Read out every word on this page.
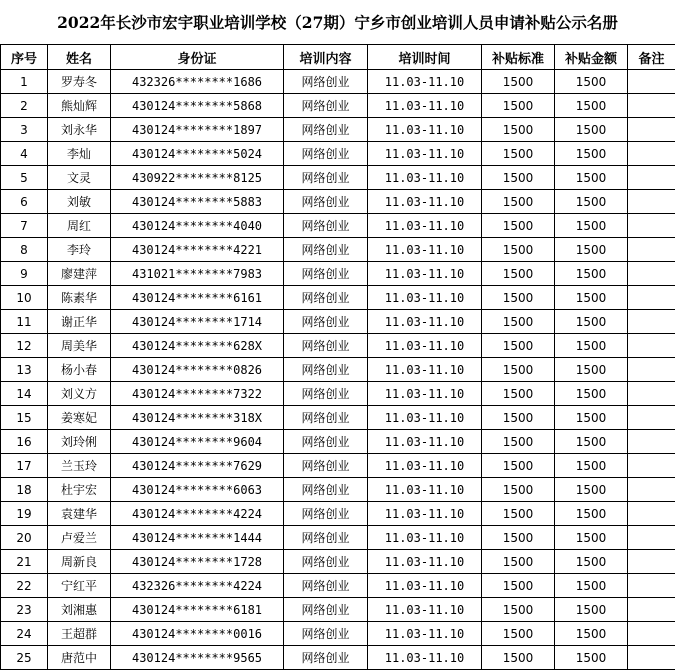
2022年长沙市宏宇职业培训学校（27期）宁乡市创业培训人员申请补贴公示名册
序号	姓名	身份证	培训内容	培训时间	补贴标准	补贴金额	备注
1	罗寿冬	432326********1686	网络创业	11.03-11.10	1500	1500	
2	熊灿辉	430124********5868	网络创业	11.03-11.10	1500	1500	
3	刘永华	430124********1897	网络创业	11.03-11.10	1500	1500	
4	李灿	430124********5024	网络创业	11.03-11.10	1500	1500	
5	文灵	430922********8125	网络创业	11.03-11.10	1500	1500	
6	刘敏	430124********5883	网络创业	11.03-11.10	1500	1500	
7	周红	430124********4040	网络创业	11.03-11.10	1500	1500	
8	李玲	430124********4221	网络创业	11.03-11.10	1500	1500	
9	廖建萍	431021********7983	网络创业	11.03-11.10	1500	1500	
10	陈素华	430124********6161	网络创业	11.03-11.10	1500	1500	
11	谢正华	430124********1714	网络创业	11.03-11.10	1500	1500	
12	周美华	430124********628X	网络创业	11.03-11.10	1500	1500	
13	杨小春	430124********0826	网络创业	11.03-11.10	1500	1500	
14	刘义方	430124********7322	网络创业	11.03-11.10	1500	1500	
15	姜寒妃	430124********318X	网络创业	11.03-11.10	1500	1500	
16	刘玲俐	430124********9604	网络创业	11.03-11.10	1500	1500	
17	兰玉玲	430124********7629	网络创业	11.03-11.10	1500	1500	
18	杜宇宏	430124********6063	网络创业	11.03-11.10	1500	1500	
19	袁建华	430124********4224	网络创业	11.03-11.10	1500	1500	
20	卢爱兰	430124********1444	网络创业	11.03-11.10	1500	1500	
21	周新良	430124********1728	网络创业	11.03-11.10	1500	1500	
22	宁红平	432326********4224	网络创业	11.03-11.10	1500	1500	
23	刘湘惠	430124********6181	网络创业	11.03-11.10	1500	1500	
24	王超群	430124********0016	网络创业	11.03-11.10	1500	1500	
25	唐范中	430124********9565	网络创业	11.03-11.10	1500	1500	
